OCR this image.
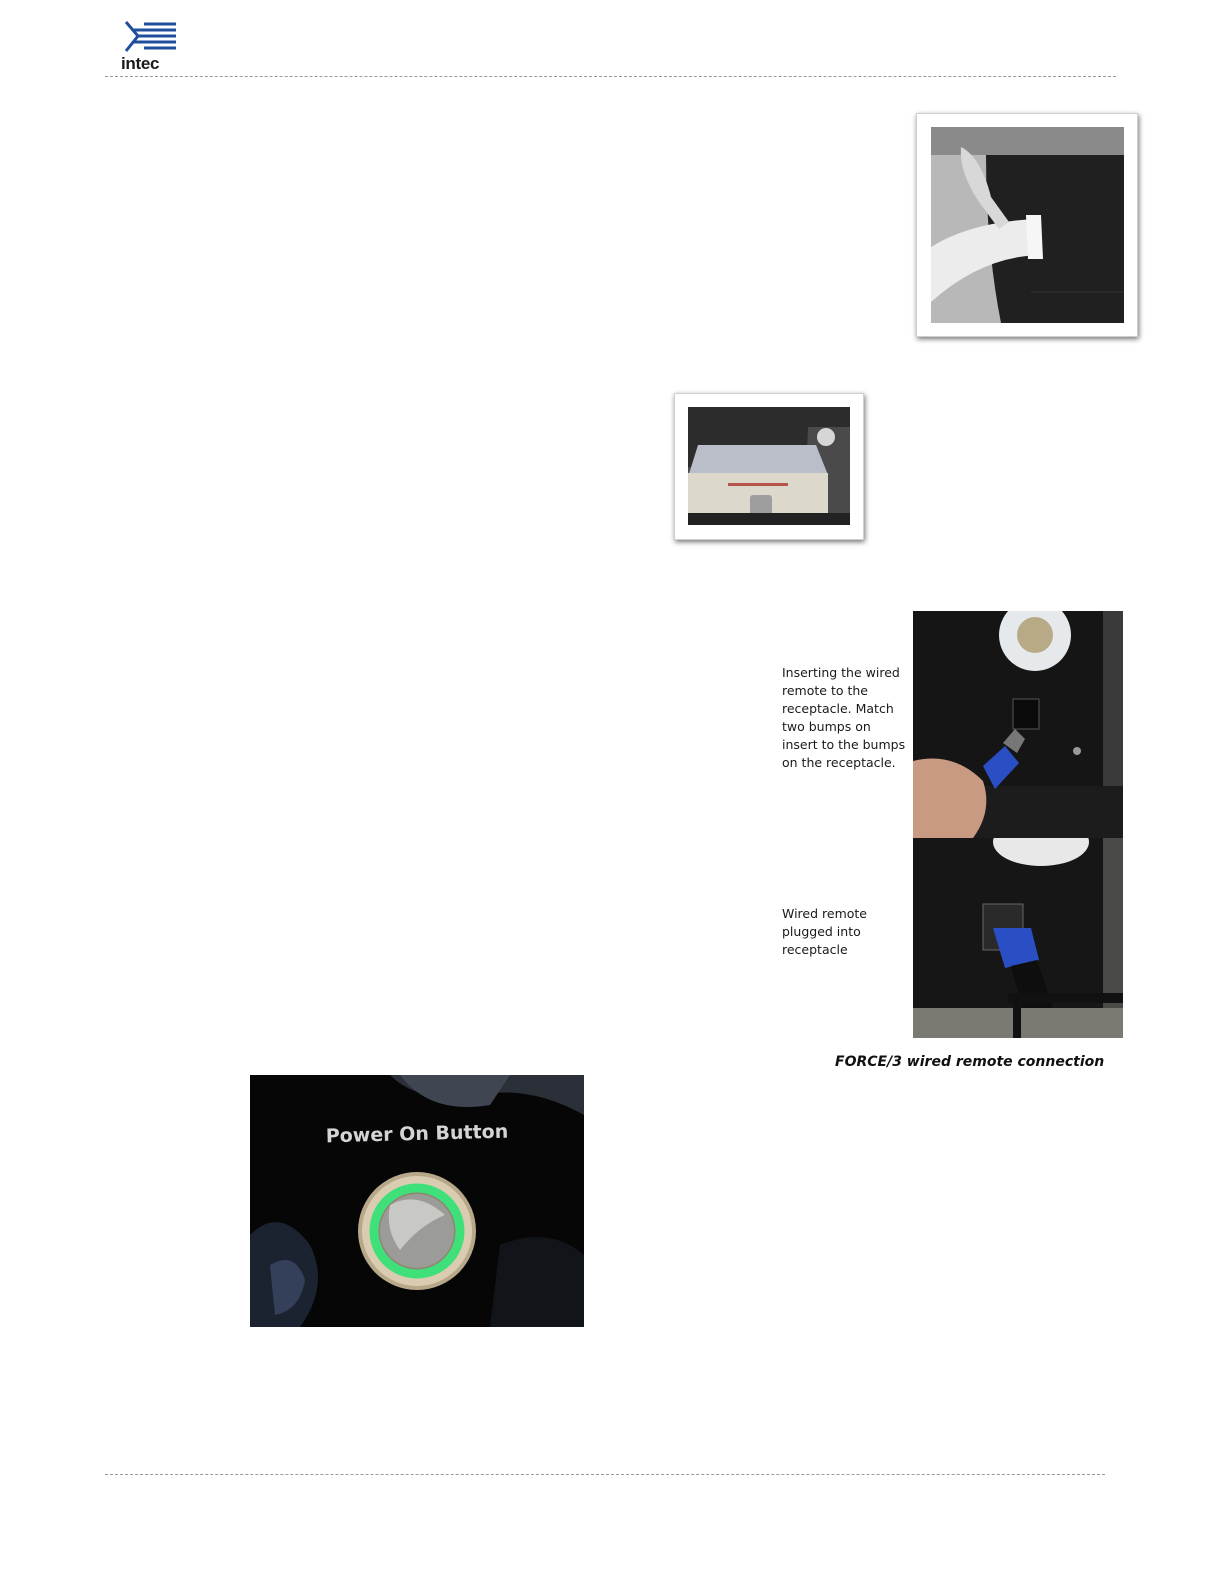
intec
Inserting the wired remote to the receptacle. Match two bumps on insert to the bumps on the receptacle.
Wired remote plugged into receptacle
FORCE/3 wired remote connection
Power On Button
